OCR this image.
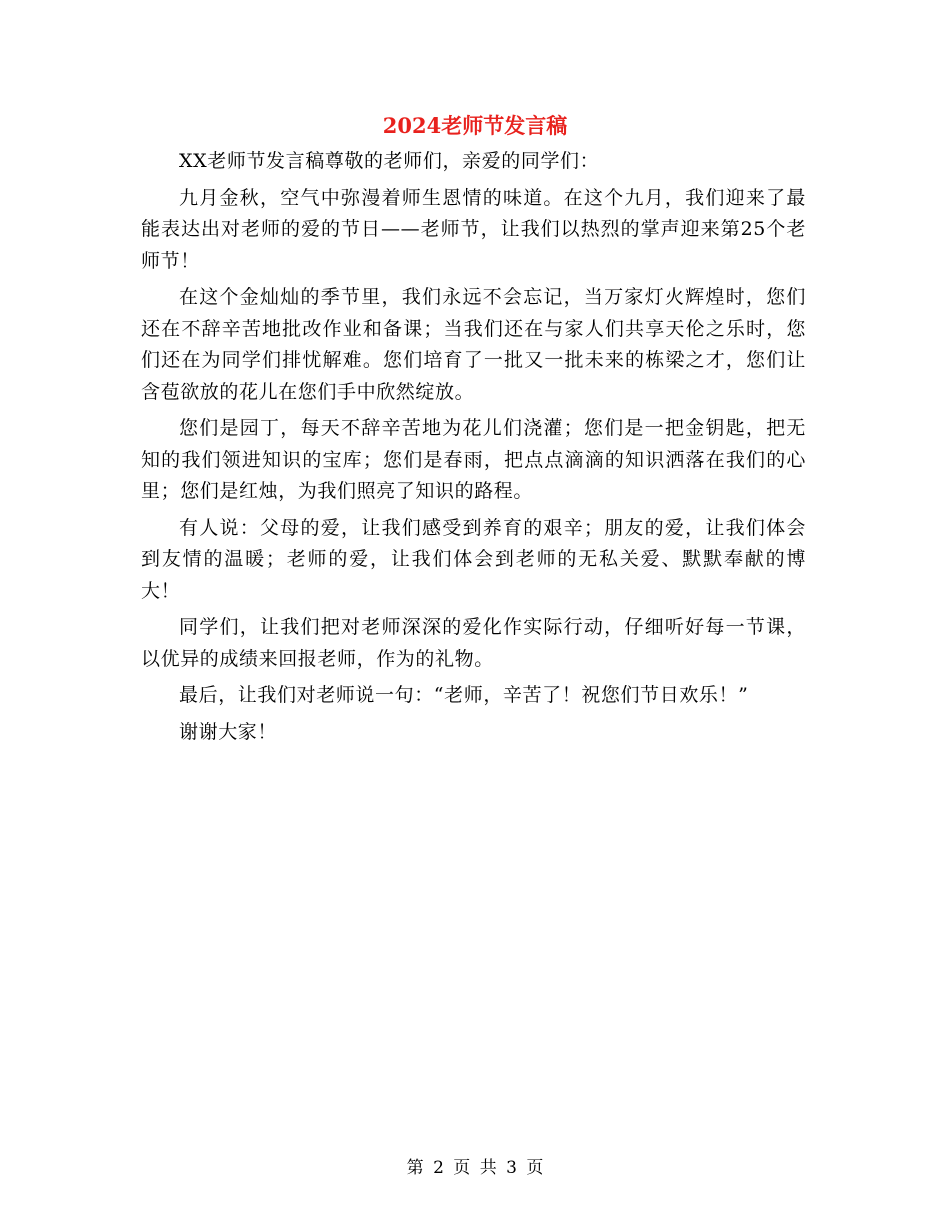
2024老师节发言稿

XX老师节发言稿尊敬的老师们，亲爱的同学们：

九月金秋，空气中弥漫着师生恩情的味道。在这个九月，我们迎来了最能表达出对老师的爱的节日——老师节，让我们以热烈的掌声迎来第25个老师节！

在这个金灿灿的季节里，我们永远不会忘记，当万家灯火辉煌时，您们还在不辞辛苦地批改作业和备课；当我们还在与家人们共享天伦之乐时，您们还在为同学们排忧解难。您们培育了一批又一批未来的栋梁之才，您们让含苞欲放的花儿在您们手中欣然绽放。

您们是园丁，每天不辞辛苦地为花儿们浇灌；您们是一把金钥匙，把无知的我们领进知识的宝库；您们是春雨，把点点滴滴的知识洒落在我们的心里；您们是红烛，为我们照亮了知识的路程。

有人说：父母的爱，让我们感受到养育的艰辛；朋友的爱，让我们体会到友情的温暖；老师的爱，让我们体会到老师的无私关爱、默默奉献的博大！

同学们，让我们把对老师深深的爱化作实际行动，仔细听好每一节课，以优异的成绩来回报老师，作为的礼物。

最后，让我们对老师说一句：“老师，辛苦了！祝您们节日欢乐！”

谢谢大家！

第 2 页 共 3 页
